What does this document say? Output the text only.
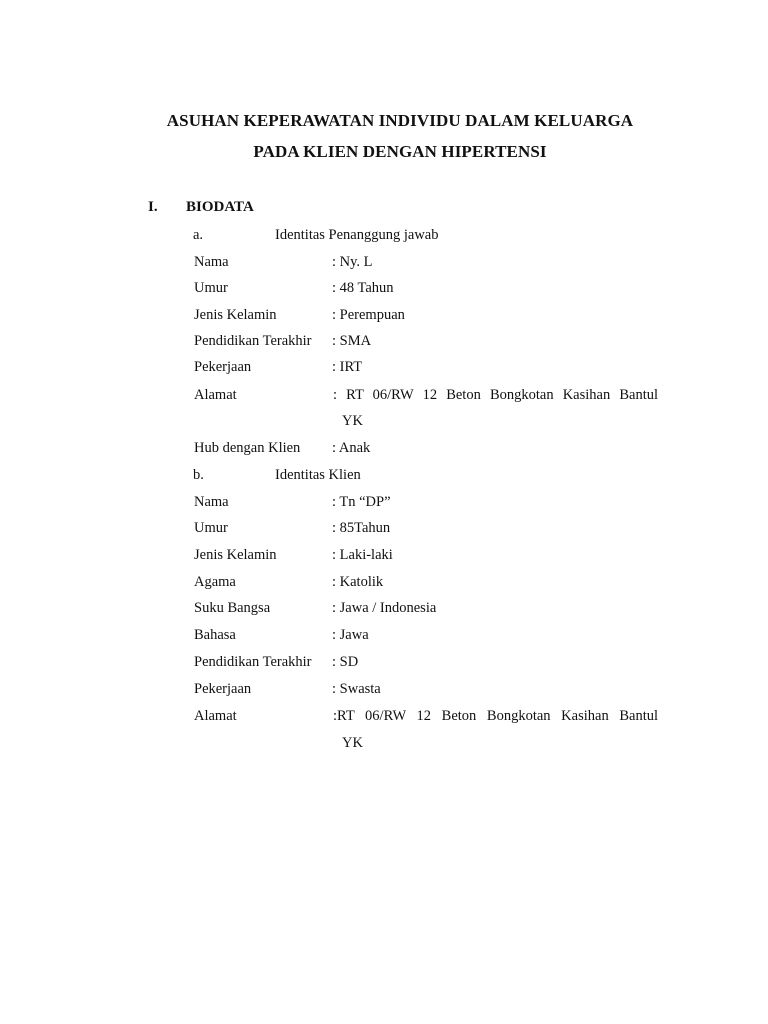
ASUHAN KEPERAWATAN INDIVIDU DALAM KELUARGA
PADA KLIEN DENGAN HIPERTENSI
I. BIODATA
a.	Identitas Penanggung jawab
Nama	: Ny. L
Umur	: 48 Tahun
Jenis Kelamin	: Perempuan
Pendidikan Terakhir : SMA
Pekerjaan	: IRT
Alamat	: RT 06/RW 12 Beton Bongkotan Kasihan Bantul
YK
Hub dengan Klien : Anak
b.	Identitas Klien
Nama	: Tn “DP”
Umur	: 85Tahun
Jenis Kelamin	: Laki-laki
Agama	: Katolik
Suku Bangsa	: Jawa / Indonesia
Bahasa	: Jawa
Pendidikan Terakhir : SD
Pekerjaan	: Swasta
Alamat	:RT 06/RW 12 Beton Bongkotan Kasihan Bantul
YK
